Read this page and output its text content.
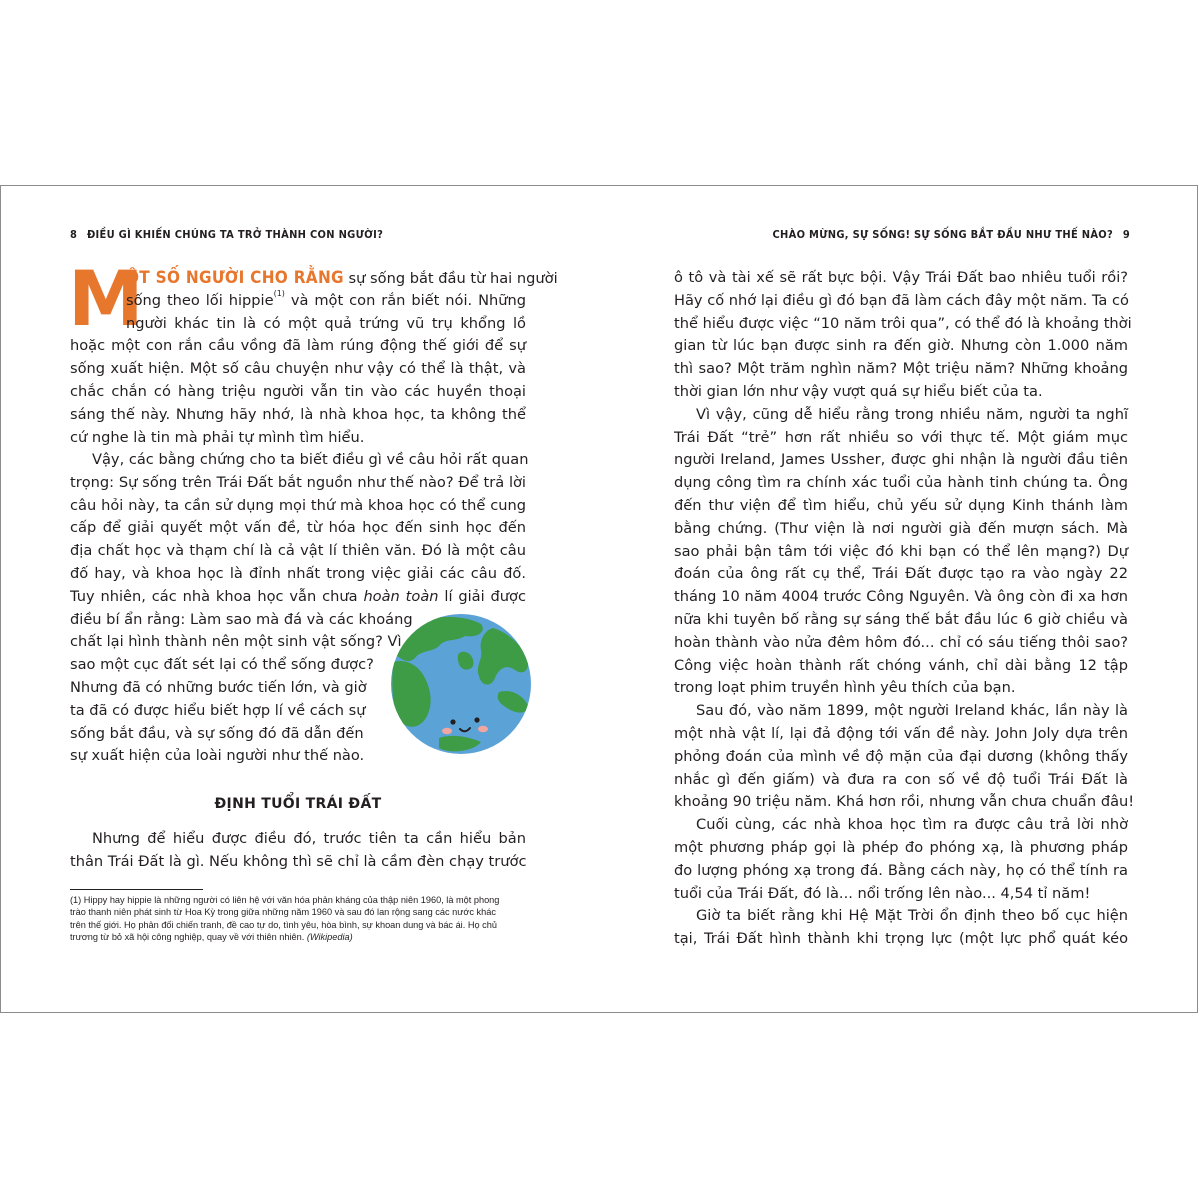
8 ĐIỀU GÌ KHIẾN CHÚNG TA TRỞ THÀNH CON NGƯỜI?	CHÀO MỪNG, SỰ SỐNG! SỰ SỐNG BẮT ĐẦU NHƯ THẾ NÀO? 9
M
ỘT SỐ NGƯỜI CHO RẰNG sự sống bắt đầu từ hai người
sống theo lối hippie$^{(1)}$ và một con rắn biết nói. Những
người khác tin là có một quả trứng vũ trụ khổng lồ
hoặc một con rắn cầu vồng đã làm rúng động thế giới để sự
sống xuất hiện. Một số câu chuyện như vậy có thể là thật, và
chắc chắn có hàng triệu người vẫn tin vào các huyền thoại
sáng thế này. Nhưng hãy nhớ, là nhà khoa học, ta không thể
cứ nghe là tin mà phải tự mình tìm hiểu.
Vậy, các bằng chứng cho ta biết điều gì về câu hỏi rất quan
trọng: Sự sống trên Trái Đất bắt nguồn như thế nào? Để trả lời
câu hỏi này, ta cần sử dụng mọi thứ mà khoa học có thể cung
cấp để giải quyết một vấn đề, từ hóa học đến sinh học đến
địa chất học và thạm chí là cả vật lí thiên văn. Đó là một câu
đố hay, và khoa học là đỉnh nhất trong việc giải các câu đố.
Tuy nhiên, các nhà khoa học vẫn chưa hoàn toàn lí giải được
điều bí ẩn rằng: Làm sao mà đá và các khoáng
chất lại hình thành nên một sinh vật sống? Vì
sao một cục đất sét lại có thể sống được?
Nhưng đã có những bước tiến lớn, và giờ
ta đã có được hiểu biết hợp lí về cách sự
sống bắt đầu, và sự sống đó đã dẫn đến
sự xuất hiện của loài người như thế nào.
ĐỊNH TUỔI TRÁI ĐẤT
Nhưng để hiểu được điều đó, trước tiên ta cần hiểu bản
thân Trái Đất là gì. Nếu không thì sẽ chỉ là cầm đèn chạy trước
(1) Hippy hay hippie là những người có liên hệ với văn hóa phản kháng của thập niên 1960, là một phong
trào thanh niên phát sinh từ Hoa Kỳ trong giữa những năm 1960 và sau đó lan rộng sang các nước khác
trên thế giới. Họ phản đối chiến tranh, đề cao tự do, tình yêu, hòa bình, sự khoan dung và bác ái. Họ chủ
trương từ bỏ xã hội công nghiệp, quay về với thiên nhiên. (Wikipedia)
ô tô và tài xế sẽ rất bực bội. Vậy Trái Đất bao nhiêu tuổi rồi?
Hãy cố nhớ lại điều gì đó bạn đã làm cách đây một năm. Ta có
thể hiểu được việc “10 năm trôi qua”, có thể đó là khoảng thời
gian từ lúc bạn được sinh ra đến giờ. Nhưng còn 1.000 năm
thì sao? Một trăm nghìn năm? Một triệu năm? Những khoảng
thời gian lớn như vậy vượt quá sự hiểu biết của ta.
Vì vậy, cũng dễ hiểu rằng trong nhiều năm, người ta nghĩ
Trái Đất “trẻ” hơn rất nhiều so với thực tế. Một giám mục
người Ireland, James Ussher, được ghi nhận là người đầu tiên
dụng công tìm ra chính xác tuổi của hành tinh chúng ta. Ông
đến thư viện để tìm hiểu, chủ yếu sử dụng Kinh thánh làm
bằng chứng. (Thư viện là nơi người già đến mượn sách. Mà
sao phải bận tâm tới việc đó khi bạn có thể lên mạng?) Dự
đoán của ông rất cụ thể, Trái Đất được tạo ra vào ngày 22
tháng 10 năm 4004 trước Công Nguyên. Và ông còn đi xa hơn
nữa khi tuyên bố rằng sự sáng thế bắt đầu lúc 6 giờ chiều và
hoàn thành vào nửa đêm hôm đó... chỉ có sáu tiếng thôi sao?
Công việc hoàn thành rất chóng vánh, chỉ dài bằng 12 tập
trong loạt phim truyền hình yêu thích của bạn.
Sau đó, vào năm 1899, một người Ireland khác, lần này là
một nhà vật lí, lại đả động tới vấn đề này. John Joly dựa trên
phỏng đoán của mình về độ mặn của đại dương (không thấy
nhắc gì đến giấm) và đưa ra con số về độ tuổi Trái Đất là
khoảng 90 triệu năm. Khá hơn rồi, nhưng vẫn chưa chuẩn đâu!
Cuối cùng, các nhà khoa học tìm ra được câu trả lời nhờ
một phương pháp gọi là phép đo phóng xạ, là phương pháp
đo lượng phóng xạ trong đá. Bằng cách này, họ có thể tính ra
tuổi của Trái Đất, đó là... nổi trống lên nào... 4,54 tỉ năm!
Giờ ta biết rằng khi Hệ Mặt Trời ổn định theo bố cục hiện
tại, Trái Đất hình thành khi trọng lực (một lực phổ quát kéo
